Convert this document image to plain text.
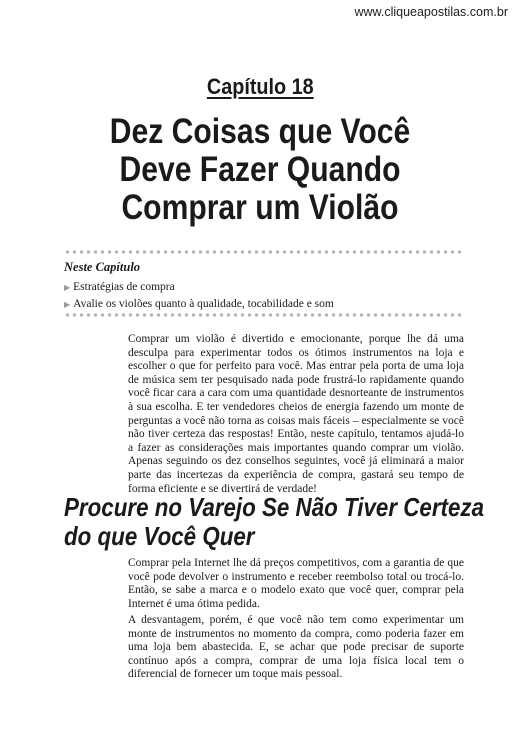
www.cliqueapostilas.com.br
Capítulo 18
Dez Coisas que Você
Deve Fazer Quando
Comprar um Violão
Neste Capítulo
▶ Estratégias de compra
▶ Avalie os violões quanto à qualidade, tocabilidade e som

Comprar um violão é divertido e emocionante, porque lhe dá uma desculpa para experimentar todos os ótimos instrumentos na loja e escolher o que for perfeito para você. Mas entrar pela porta de uma loja de música sem ter pesquisado nada pode frustrá-lo rapidamente quando você ficar cara a cara com uma quantidade desnorteante de instrumentos à sua escolha. E ter vendedores cheios de energia fazendo um monte de perguntas a você não torna as coisas mais fáceis – especialmente se você não tiver certeza das respostas! Então, neste capítulo, tentamos ajudá-lo a fazer as considerações mais importantes quando comprar um violão. Apenas seguindo os dez conselhos seguintes, você já eliminará a maior parte das incertezas da experiência de compra, gastará seu tempo de forma eficiente e se divertirá de verdade!

Procure no Varejo Se Não Tiver Certeza
do que Você Quer

Comprar pela Internet lhe dá preços competitivos, com a garantia de que você pode devolver o instrumento e receber reembolso total ou trocá-lo. Então, se sabe a marca e o modelo exato que você quer, comprar pela Internet é uma ótima pedida.

A desvantagem, porém, é que você não tem como experimentar um monte de instrumentos no momento da compra, como poderia fazer em uma loja bem abastecida. E, se achar que pode precisar de suporte contínuo após a compra, comprar de uma loja física local tem o diferencial de fornecer um toque mais pessoal.
